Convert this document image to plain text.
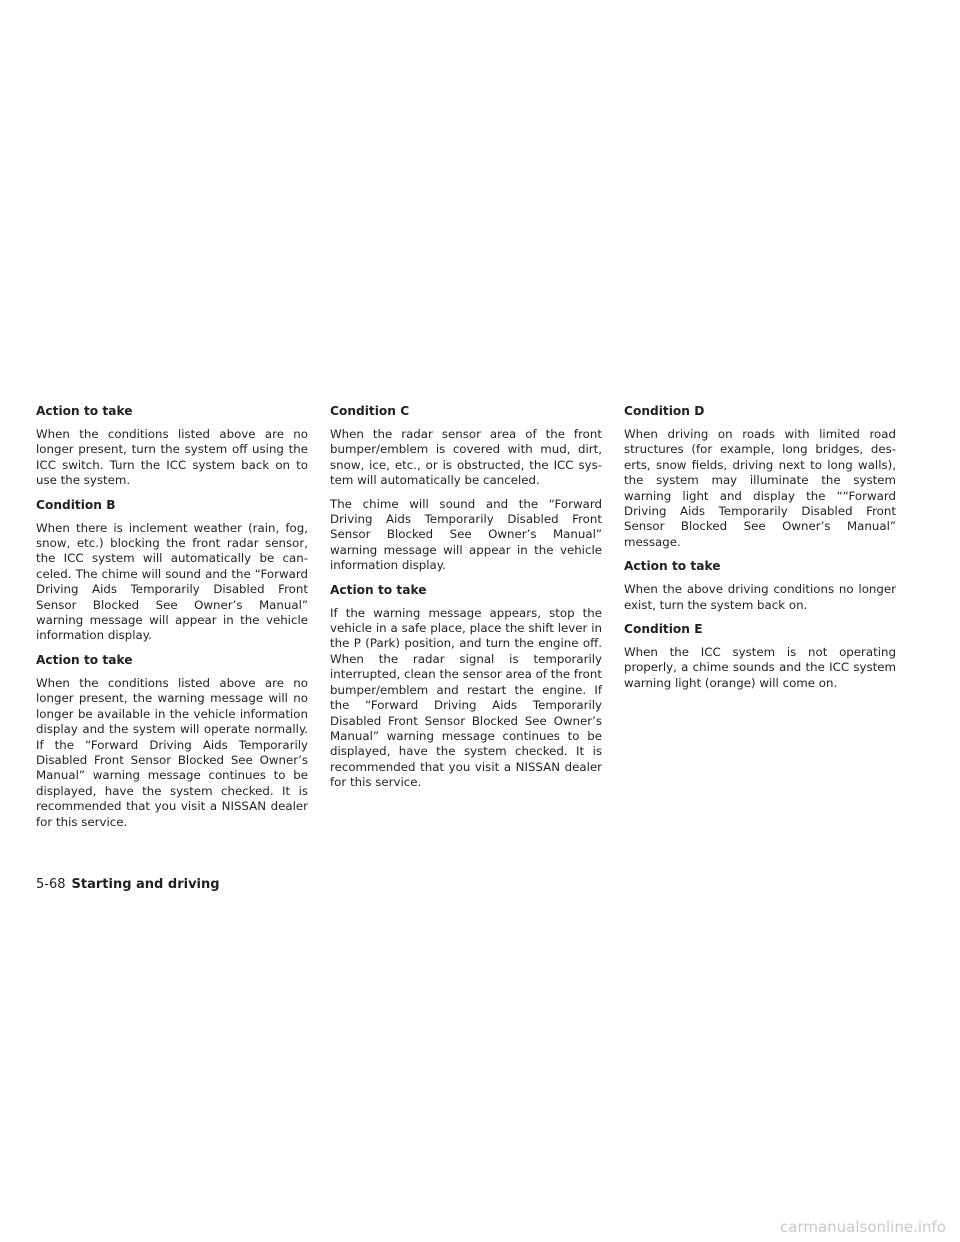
Action to take

When the conditions listed above are no longer present, turn the system off using the ICC switch. Turn the ICC system back on to use the system.

Condition B

When there is inclement weather (rain, fog, snow, etc.) blocking the front radar sensor, the ICC system will automatically be canceled. The chime will sound and the “Forward Driving Aids Temporarily Disabled Front Sensor Blocked See Owner’s Manual” warning message will appear in the vehicle information display.

Action to take

When the conditions listed above are no longer present, the warning message will no longer be available in the vehicle information display and the system will operate normally. If the “Forward Driving Aids Temporarily Disabled Front Sensor Blocked See Owner’s Manual” warning message continues to be displayed, have the system checked. It is recommended that you visit a NISSAN dealer for this service.

Condition C

When the radar sensor area of the front bumper/emblem is covered with mud, dirt, snow, ice, etc., or is obstructed, the ICC system will automatically be canceled.

The chime will sound and the “Forward Driving Aids Temporarily Disabled Front Sensor Blocked See Owner’s Manual” warning message will appear in the vehicle information display.

Action to take

If the warning message appears, stop the vehicle in a safe place, place the shift lever in the P (Park) position, and turn the engine off. When the radar signal is temporarily interrupted, clean the sensor area of the front bumper/emblem and restart the engine. If the “Forward Driving Aids Temporarily Disabled Front Sensor Blocked See Owner’s Manual” warning message continues to be displayed, have the system checked. It is recommended that you visit a NISSAN dealer for this service.

Condition D

When driving on roads with limited road structures (for example, long bridges, deserts, snow fields, driving next to long walls), the system may illuminate the system warning light and display the ““Forward Driving Aids Temporarily Disabled Front Sensor Blocked See Owner’s Manual” message.

Action to take

When the above driving conditions no longer exist, turn the system back on.

Condition E

When the ICC system is not operating properly, a chime sounds and the ICC system warning light (orange) will come on.

5-68 Starting and driving
carmanualsonline.info
